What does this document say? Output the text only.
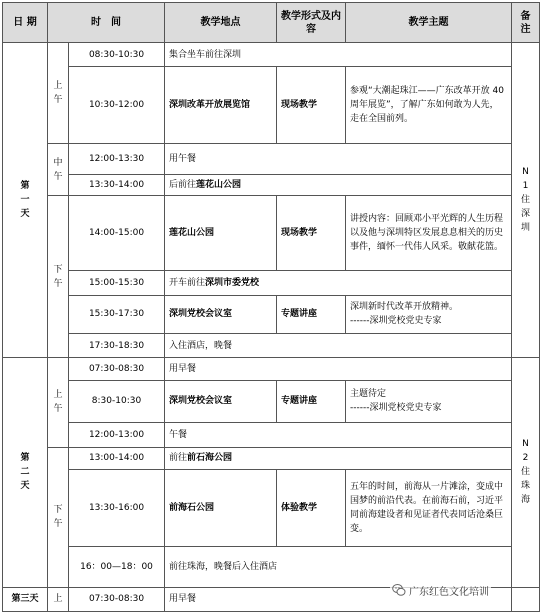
日 期	时　间		教学地点	教学形式及内容	教学主题	备注
第一天	上午	08:30-10:30	集合坐车前往深圳			N1住深圳
		10:30-12:00	深圳改革开放展览馆	现场教学	参观“大潮起珠江——广东改革开放 40 周年展览”，了解广东如何敢为人先，走在全国前列。	
	中午	12:00-13:30	用午餐			
		13:30-14:00	后前往莲花山公园			
	下午	14:00-15:00	莲花山公园	现场教学	讲授内容：回顾邓小平光辉的人生历程以及他与深圳特区发展息息相关的历史事件，缅怀一代伟人风采。敬献花篮。	
		15:00-15:30	开车前往深圳市委党校			
		15:30-17:30	深圳党校会议室	专题讲座	深圳新时代改革开放精神。
------深圳党校党史专家	

		17:30-18:30	入住酒店，晚餐			
第二天	上午	07:30-08:30	用早餐			N2住珠海
		8:30-10:30	深圳党校会议室	专题讲座	主题待定
------深圳党校党史专家	

		12:00-13:00	午餐			
	下午	13:00-14:00	前往前石海公园			
		13:30-16:00	前海石公园	体验教学	五年的时间，前海从一片滩涂，变成中国梦的前沿代表。在前海石前，习近平同前海建设者和见证者代表同话沧桑巨变。	
		16：00—18：00	前往珠海，晚餐后入住酒店			
第三天	上	07:30-08:30	用早餐			
广东红色文化培训
